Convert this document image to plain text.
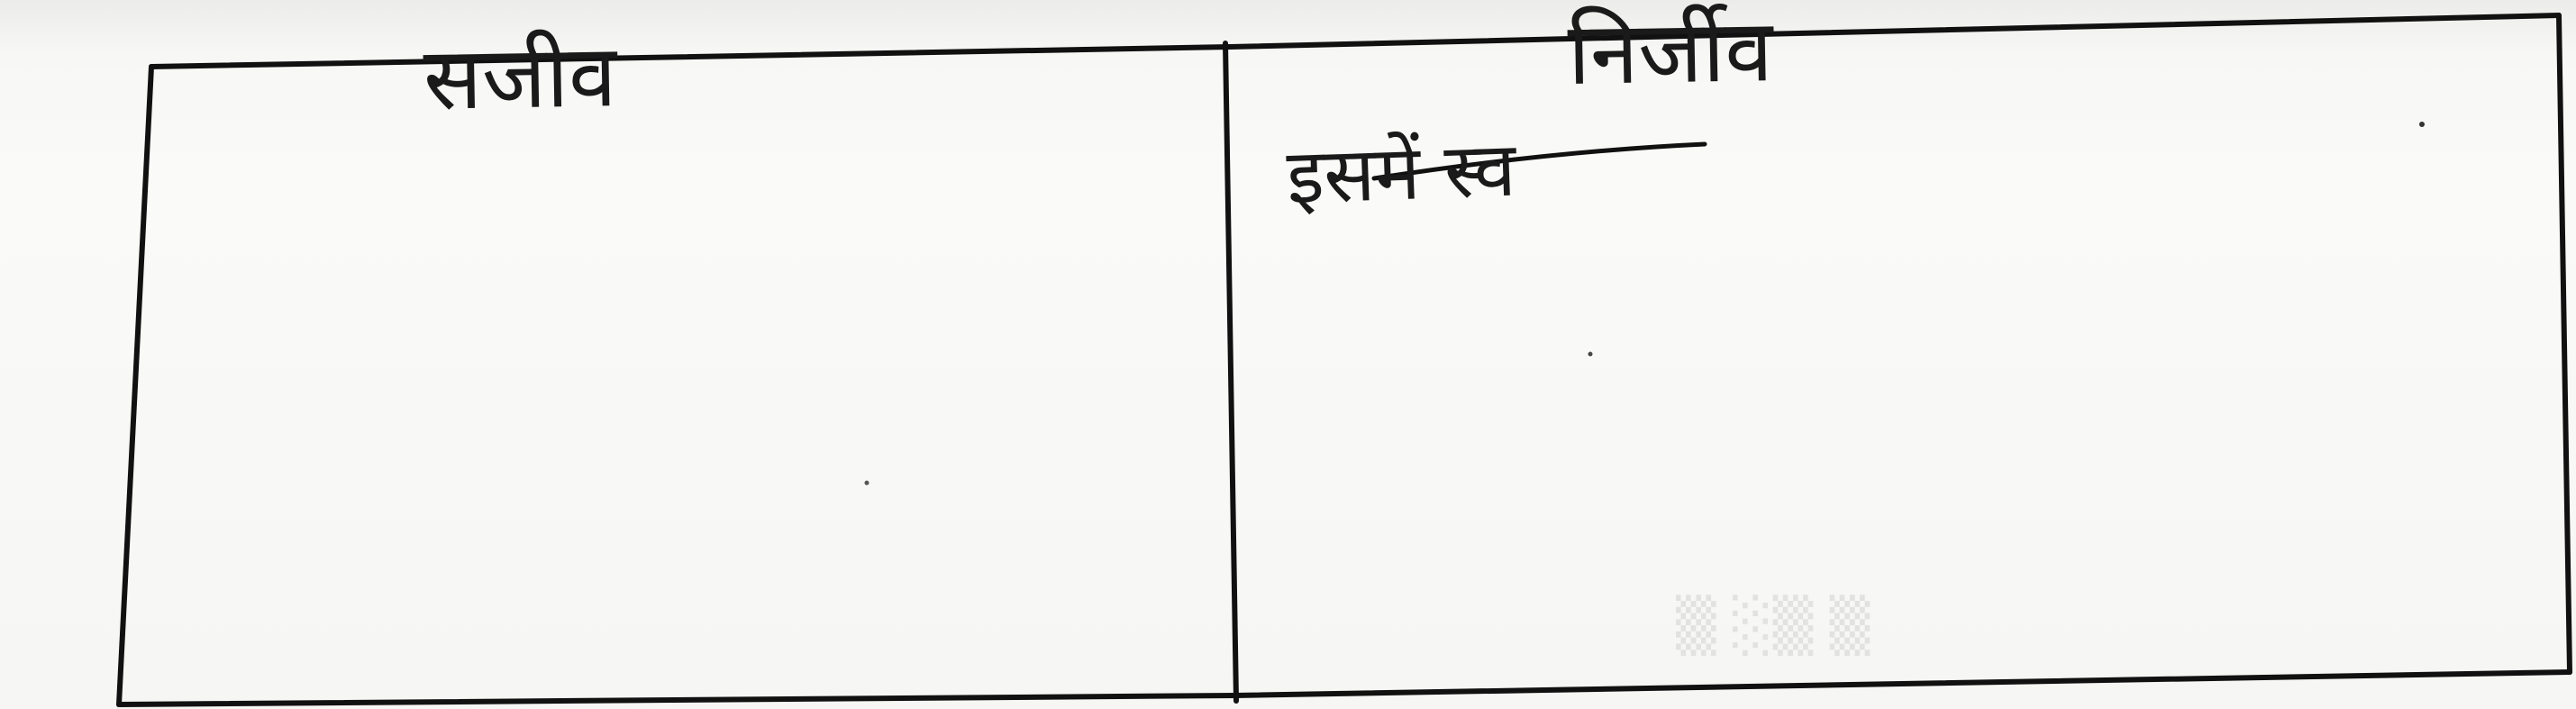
सजीव	निर्जीव
इसमें स्व
▒ ░▒ ▒
